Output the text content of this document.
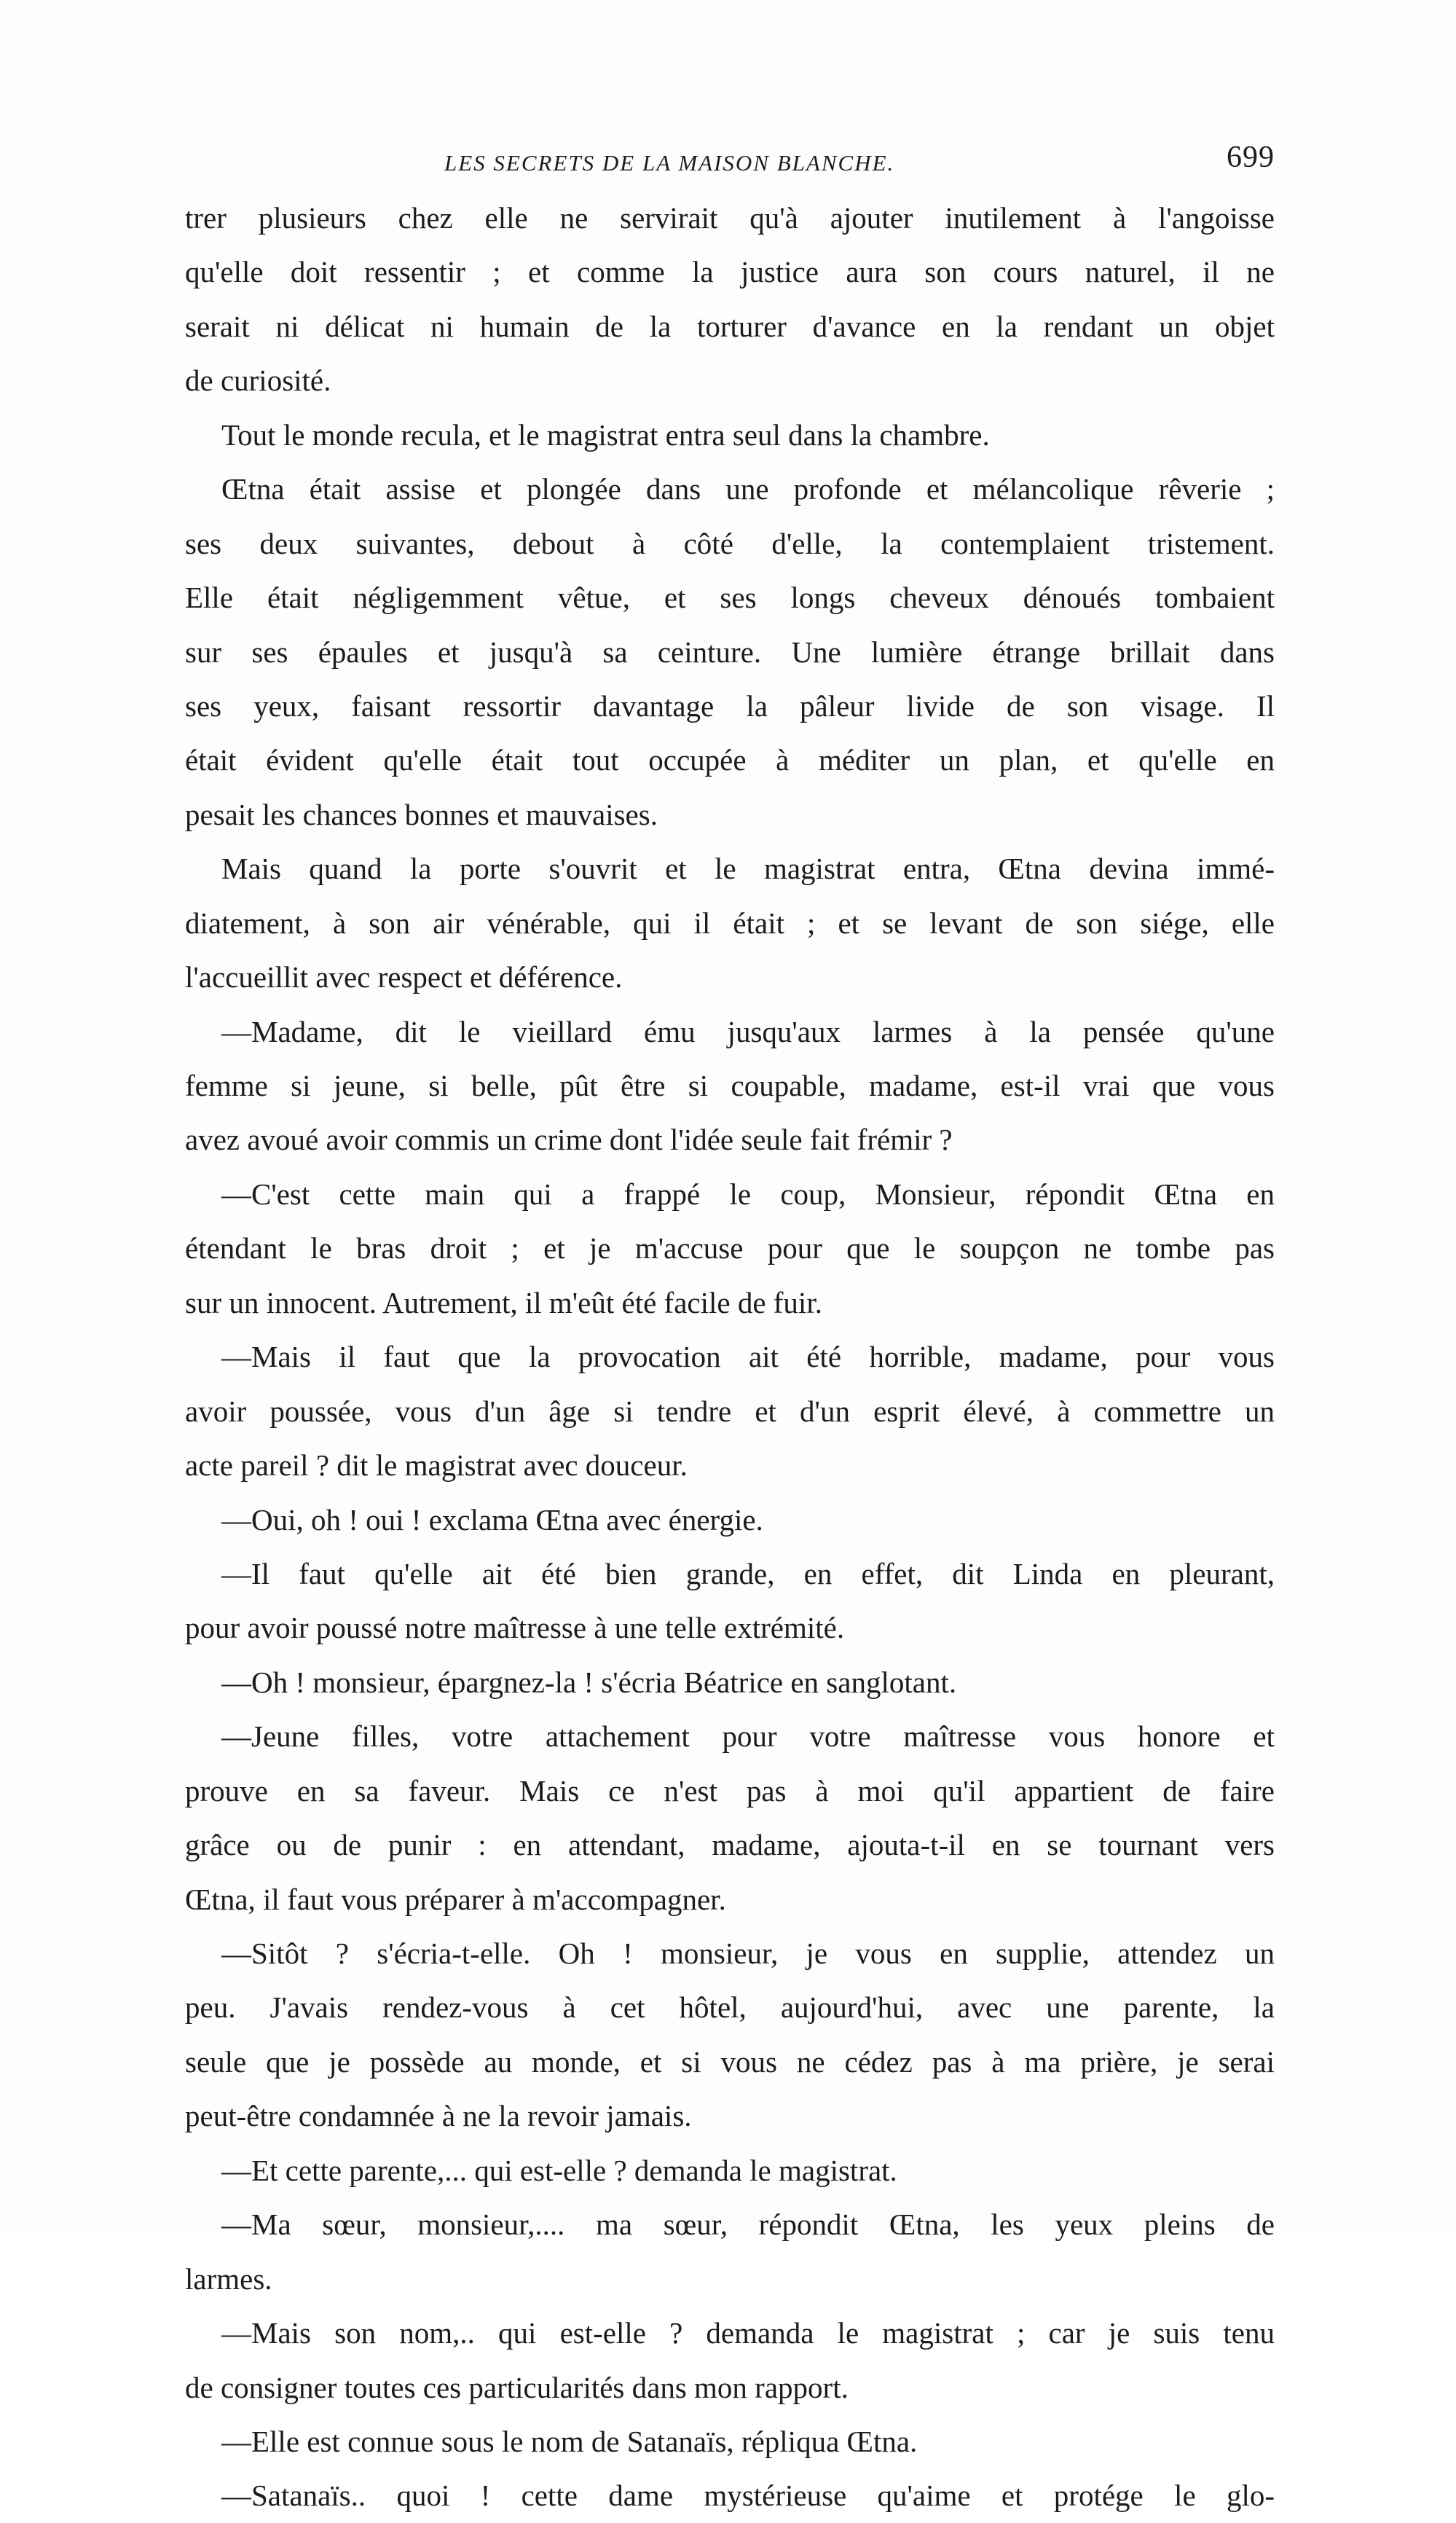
LES SECRETS DE LA MAISON BLANCHE.	699
trer plusieurs chez elle ne servirait qu'à ajouter inutilement à l'angoisse
qu'elle doit ressentir ; et comme la justice aura son cours naturel, il ne
serait ni délicat ni humain de la torturer d'avance en la rendant un objet
de curiosité.
Tout le monde recula, et le magistrat entra seul dans la chambre.
Œtna était assise et plongée dans une profonde et mélancolique rêverie ;
ses deux suivantes, debout à côté d'elle, la contemplaient tristement.
Elle était négligemment vêtue, et ses longs cheveux dénoués tombaient
sur ses épaules et jusqu'à sa ceinture. Une lumière étrange brillait dans
ses yeux, faisant ressortir davantage la pâleur livide de son visage. Il
était évident qu'elle était tout occupée à méditer un plan, et qu'elle en
pesait les chances bonnes et mauvaises.
Mais quand la porte s'ouvrit et le magistrat entra, Œtna devina immé-
diatement, à son air vénérable, qui il était ; et se levant de son siége, elle
l'accueillit avec respect et déférence.
—Madame, dit le vieillard ému jusqu'aux larmes à la pensée qu'une
femme si jeune, si belle, pût être si coupable, madame, est-il vrai que vous
avez avoué avoir commis un crime dont l'idée seule fait frémir ?
—C'est cette main qui a frappé le coup, Monsieur, répondit Œtna en
étendant le bras droit ; et je m'accuse pour que le soupçon ne tombe pas
sur un innocent. Autrement, il m'eût été facile de fuir.
—Mais il faut que la provocation ait été horrible, madame, pour vous
avoir poussée, vous d'un âge si tendre et d'un esprit élevé, à commettre un
acte pareil ? dit le magistrat avec douceur.
—Oui, oh ! oui ! exclama Œtna avec énergie.
—Il faut qu'elle ait été bien grande, en effet, dit Linda en pleurant,
pour avoir poussé notre maîtresse à une telle extrémité.
—Oh ! monsieur, épargnez-la ! s'écria Béatrice en sanglotant.
—Jeune filles, votre attachement pour votre maîtresse vous honore et
prouve en sa faveur. Mais ce n'est pas à moi qu'il appartient de faire
grâce ou de punir : en attendant, madame, ajouta-t-il en se tournant vers
Œtna, il faut vous préparer à m'accompagner.
—Sitôt ? s'écria-t-elle. Oh ! monsieur, je vous en supplie, attendez un
peu. J'avais rendez-vous à cet hôtel, aujourd'hui, avec une parente, la
seule que je possède au monde, et si vous ne cédez pas à ma prière, je serai
peut-être condamnée à ne la revoir jamais.
—Et cette parente,... qui est-elle ? demanda le magistrat.
—Ma sœur, monsieur,.... ma sœur, répondit Œtna, les yeux pleins de
larmes.
—Mais son nom,.. qui est-elle ? demanda le magistrat ; car je suis tenu
de consigner toutes ces particularités dans mon rapport.
—Elle est connue sous le nom de Satanaïs, répliqua Œtna.
—Satanaïs.. quoi ! cette dame mystérieuse qu'aime et protége le glo-
